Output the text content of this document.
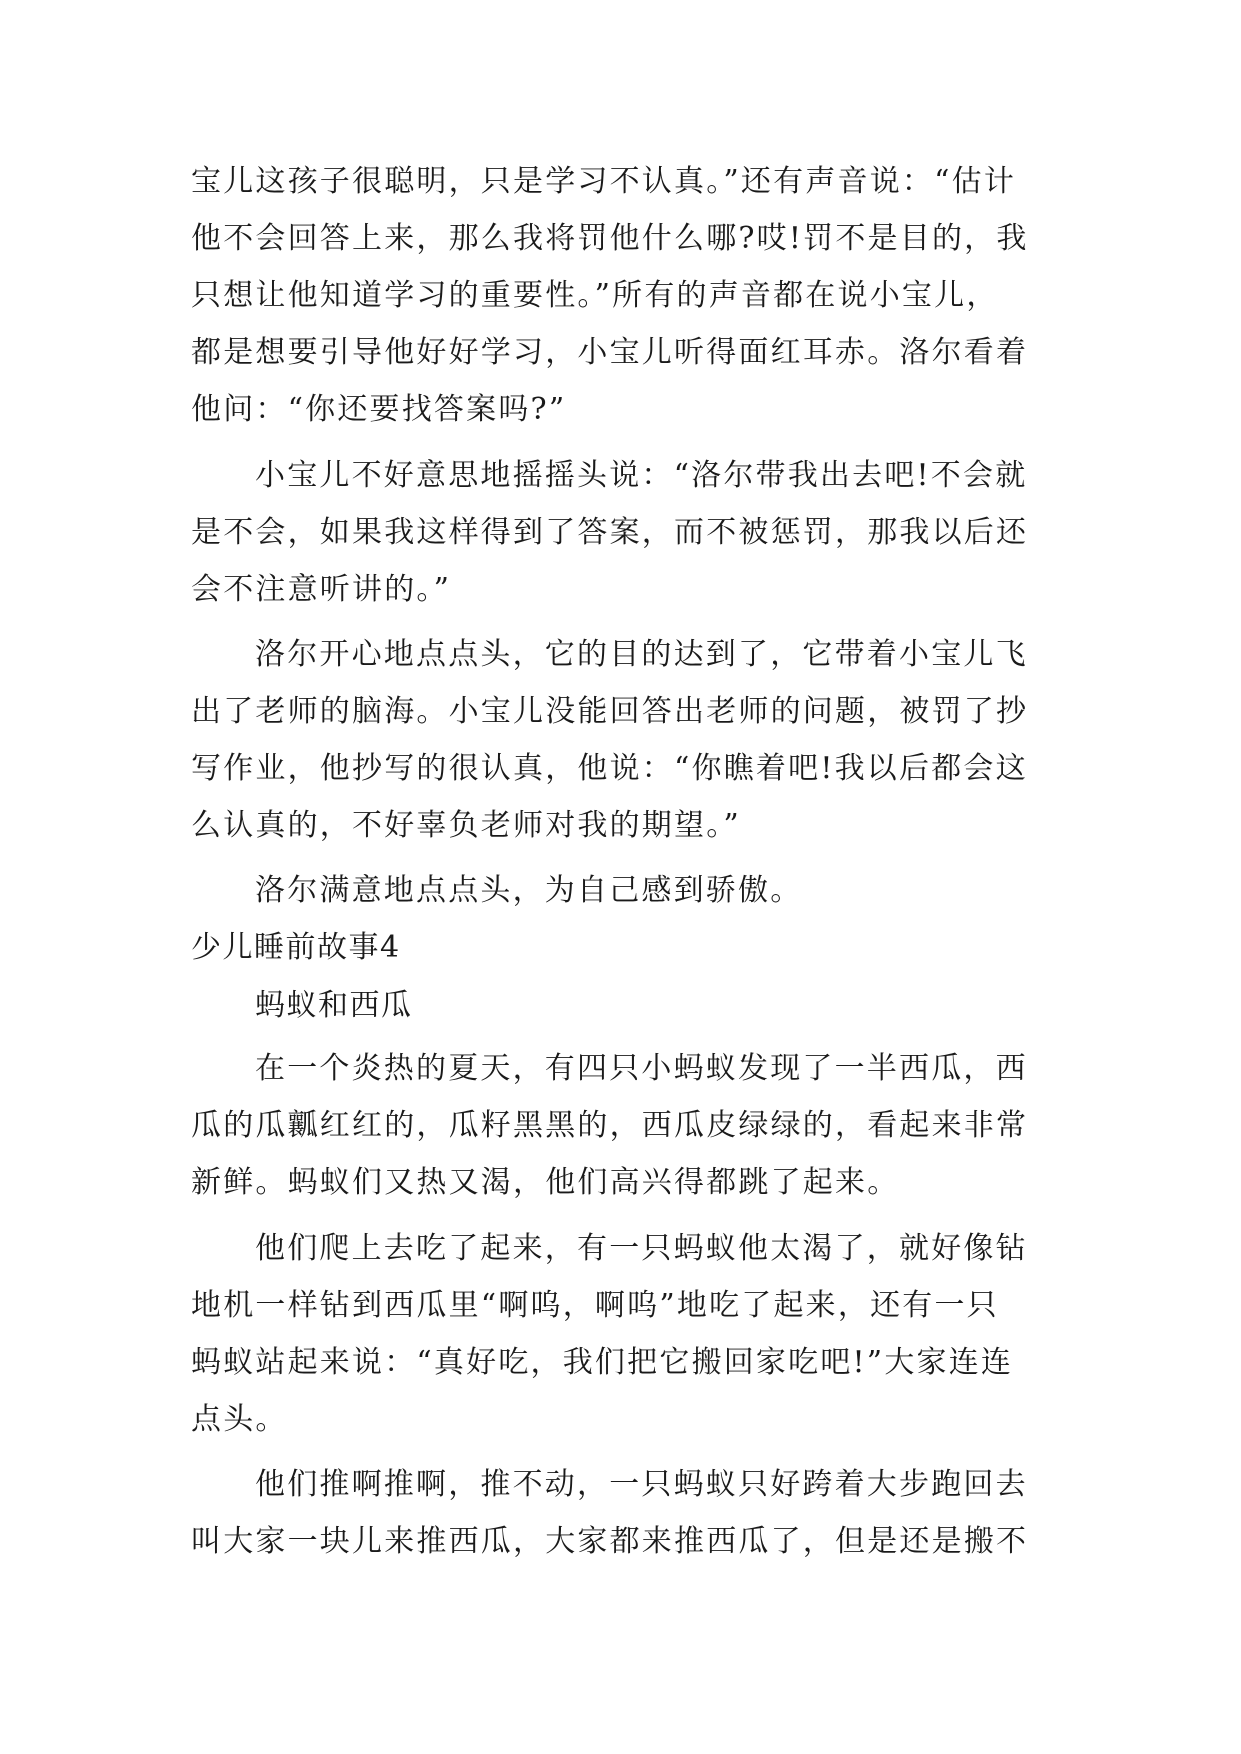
宝儿这孩子很聪明，只是学习不认真。”还有声音说：“估计
他不会回答上来，那么我将罚他什么哪?哎!罚不是目的，我
只想让他知道学习的重要性。”所有的声音都在说小宝儿，
都是想要引导他好好学习，小宝儿听得面红耳赤。洛尔看着
他问：“你还要找答案吗?”
小宝儿不好意思地摇摇头说：“洛尔带我出去吧!不会就
是不会，如果我这样得到了答案，而不被惩罚，那我以后还
会不注意听讲的。”
洛尔开心地点点头，它的目的达到了，它带着小宝儿飞
出了老师的脑海。小宝儿没能回答出老师的问题，被罚了抄
写作业，他抄写的很认真，他说：“你瞧着吧!我以后都会这
么认真的，不好辜负老师对我的期望。”
洛尔满意地点点头，为自己感到骄傲。
少儿睡前故事4
蚂蚁和西瓜
在一个炎热的夏天，有四只小蚂蚁发现了一半西瓜，西
瓜的瓜瓤红红的，瓜籽黑黑的，西瓜皮绿绿的，看起来非常
新鲜。蚂蚁们又热又渴，他们高兴得都跳了起来。
他们爬上去吃了起来，有一只蚂蚁他太渴了，就好像钻
地机一样钻到西瓜里“啊呜，啊呜”地吃了起来，还有一只
蚂蚁站起来说：“真好吃，我们把它搬回家吃吧!”大家连连
点头。
他们推啊推啊，推不动，一只蚂蚁只好跨着大步跑回去
叫大家一块儿来推西瓜，大家都来推西瓜了，但是还是搬不
